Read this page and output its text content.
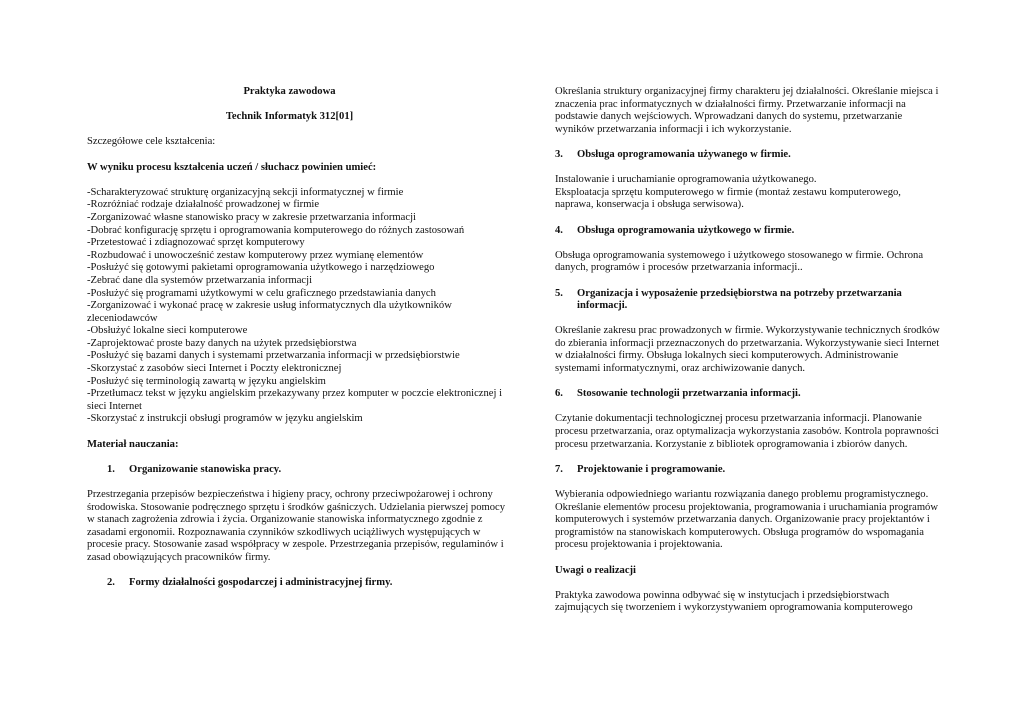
Praktyka zawodowa

Technik Informatyk 312[01]

Szczegółowe cele kształcenia:

W wyniku procesu kształcenia uczeń / słuchacz powinien umieć:

-Scharakteryzować strukturę organizacyjną sekcji informatycznej w firmie

-Rozróżniać rodzaje działalność prowadzonej w firmie

-Zorganizować własne stanowisko pracy w zakresie przetwarzania informacji

-Dobrać konfigurację sprzętu i oprogramowania komputerowego do różnych zastosowań

-Przetestować i zdiagnozować sprzęt komputerowy

-Rozbudować i unowocześnić zestaw komputerowy przez wymianę elementów

-Posłużyć się gotowymi pakietami oprogramowania użytkowego i narzędziowego

-Zebrać dane dla systemów przetwarzania informacji

-Posłużyć się programami użytkowymi w celu graficznego przedstawiania danych

-Zorganizować i wykonać pracę w zakresie usług informatycznych dla użytkowników zleceniodawców

-Obsłużyć lokalne sieci komputerowe

-Zaprojektować proste bazy danych na użytek przedsiębiorstwa

-Posłużyć się bazami danych i systemami przetwarzania informacji w przedsiębiorstwie

-Skorzystać z zasobów sieci Internet i Poczty elektronicznej

-Posłużyć się terminologią zawartą w języku angielskim

-Przetłumacz tekst w języku angielskim przekazywany przez komputer w poczcie elektronicznej i sieci Internet

-Skorzystać z instrukcji obsługi programów w języku angielskim

Materiał nauczania:

1.	Organizowanie stanowiska pracy.

Przestrzegania przepisów bezpieczeństwa i higieny pracy, ochrony przeciwpożarowej i ochrony środowiska. Stosowanie podręcznego sprzętu i środków gaśniczych. Udzielania pierwszej pomocy w stanach zagrożenia zdrowia i życia. Organizowanie stanowiska informatycznego zgodnie z zasadami ergonomii. Rozpoznawania czynników szkodliwych uciążliwych występujących w procesie pracy. Stosowanie zasad współpracy w zespole. Przestrzegania przepisów, regulaminów i zasad obowiązujących pracowników firmy.

2.	Formy działalności gospodarczej i administracyjnej firmy.

Określania struktury organizacyjnej firmy charakteru jej działalności. Określanie miejsca i znaczenia prac informatycznych w działalności firmy. Przetwarzanie informacji na podstawie danych wejściowych. Wprowadzani danych do systemu, przetwarzanie wyników przetwarzania informacji i ich wykorzystanie.

3.	Obsługa oprogramowania używanego w firmie.

Instalowanie i uruchamianie oprogramowania użytkowanego.

Eksploatacja sprzętu komputerowego w firmie (montaż zestawu komputerowego, naprawa, konserwacja i obsługa serwisowa).

4.	Obsługa oprogramowania użytkowego w firmie.

Obsługa oprogramowania systemowego i użytkowego stosowanego w firmie. Ochrona danych, programów i procesów przetwarzania informacji..

5.	Organizacja i wyposażenie przedsiębiorstwa na potrzeby przetwarzania informacji.

Określanie zakresu prac prowadzonych w firmie. Wykorzystywanie technicznych środków do zbierania informacji przeznaczonych do przetwarzania. Wykorzystywanie sieci Internet w działalności firmy. Obsługa lokalnych sieci komputerowych. Administrowanie systemami informatycznymi, oraz archiwizowanie danych.

6.	Stosowanie technologii przetwarzania informacji.

Czytanie dokumentacji technologicznej procesu przetwarzania informacji. Planowanie procesu przetwarzania, oraz optymalizacja wykorzystania zasobów. Kontrola poprawności procesu przetwarzania. Korzystanie z bibliotek oprogramowania i zbiorów danych.

7.	Projektowanie i programowanie.

Wybierania odpowiedniego wariantu rozwiązania danego problemu programistycznego. Określanie elementów procesu projektowania, programowania i uruchamiania programów komputerowych i systemów przetwarzania danych. Organizowanie pracy projektantów i programistów na stanowiskach komputerowych. Obsługa programów do wspomagania procesu projektowania i projektowania.

Uwagi o realizacji

Praktyka zawodowa powinna odbywać się w instytucjach i przedsiębiorstwach zajmujących się tworzeniem i wykorzystywaniem oprogramowania komputerowego
